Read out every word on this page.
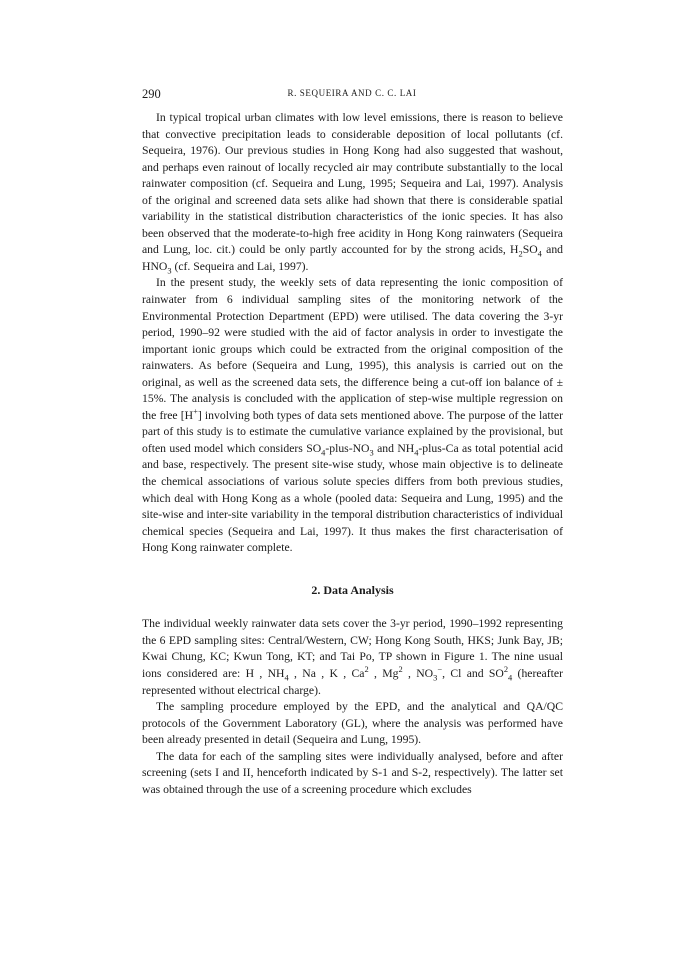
290	R. SEQUEIRA AND C. C. LAI

In typical tropical urban climates with low level emissions, there is reason to believe that convective precipitation leads to considerable deposition of local pollutants (cf. Sequeira, 1976). Our previous studies in Hong Kong had also suggested that washout, and perhaps even rainout of locally recycled air may contribute substantially to the local rainwater composition (cf. Sequeira and Lung, 1995; Sequeira and Lai, 1997). Analysis of the original and screened data sets alike had shown that there is considerable spatial variability in the statistical distribution characteristics of the ionic species. It has also been observed that the moderate-to-high free acidity in Hong Kong rainwaters (Sequeira and Lung, loc. cit.) could be only partly accounted for by the strong acids, $H_2SO_4$ and $HNO_3$ (cf. Sequeira and Lai, 1997).

In the present study, the weekly sets of data representing the ionic composition of rainwater from 6 individual sampling sites of the monitoring network of the Environmental Protection Department (EPD) were utilised. The data covering the 3-yr period, 1990–92 were studied with the aid of factor analysis in order to investigate the important ionic groups which could be extracted from the original composition of the rainwaters. As before (Sequeira and Lung, 1995), this analysis is carried out on the original, as well as the screened data sets, the difference being a cut-off ion balance of ± 15%. The analysis is concluded with the application of step-wise multiple regression on the free [H+] involving both types of data sets mentioned above. The purpose of the latter part of this study is to estimate the cumulative variance explained by the provisional, but often used model which considers $SO_4-plus-NO_3$ and $NH_4-plus-Ca$ as total potential acid and base, respectively. The present site-wise study, whose main objective is to delineate the chemical associations of various solute species differs from both previous studies, which deal with Hong Kong as a whole (pooled data: Sequeira and Lung, 1995) and the site-wise and inter-site variability in the temporal distribution characteristics of individual chemical species (Sequeira and Lai, 1997). It thus makes the first characterisation of Hong Kong rainwater complete.

2. Data Analysis

The individual weekly rainwater data sets cover the 3-yr period, 1990–1992 representing the 6 EPD sampling sites: Central/Western, CW; Hong Kong South, HKS; Junk Bay, JB; Kwai Chung, KC; Kwun Tong, KT; and Tai Po, TP shown in Figure 1. The nine usual ions considered are: H , $NH_4$ , Na , K , Ca$^2$ , Mg$^2$ , $NO_3^-$, Cl and $SO^2_4$ (hereafter represented without electrical charge).

The sampling procedure employed by the EPD, and the analytical and QA/QC protocols of the Government Laboratory (GL), where the analysis was performed have been already presented in detail (Sequeira and Lung, 1995).

The data for each of the sampling sites were individually analysed, before and after screening (sets I and II, henceforth indicated by S-1 and S-2, respectively). The latter set was obtained through the use of a screening procedure which excludes
